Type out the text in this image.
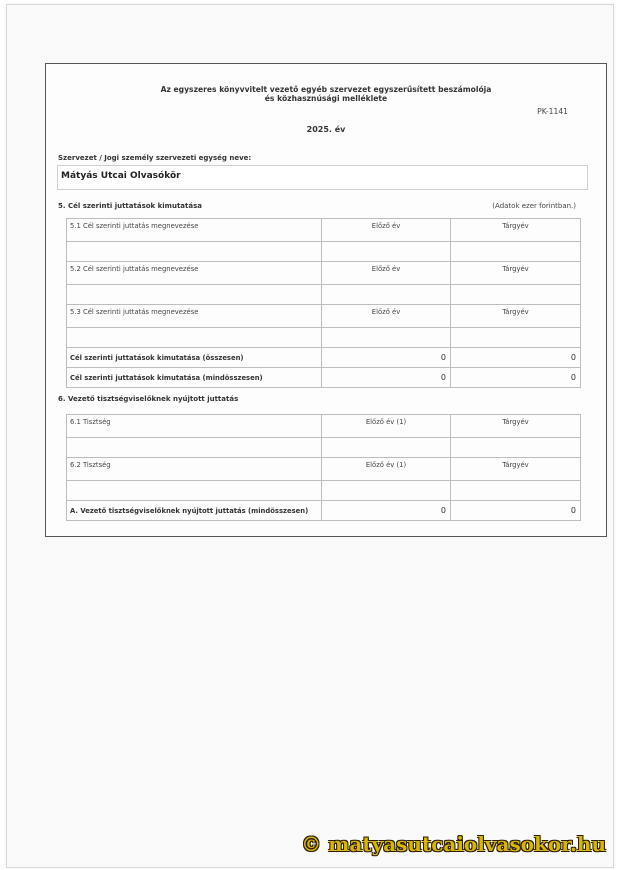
Az egyszeres könyvvitelt vezető egyéb szervezet egyszerűsített beszámolója
és közhasznúsági melléklete
PK-1141
2025. év
Szervezet / Jogi személy szervezeti egység neve:
Mátyás Utcai Olvasókör
5. Cél szerinti juttatások kimutatása	(Adatok ezer forintban.)
5.1 Cél szerinti juttatás megnevezése	Előző év	Tárgyév

5.2 Cél szerinti juttatás megnevezése	Előző év	Tárgyév

5.3 Cél szerinti juttatás megnevezése	Előző év	Tárgyév

Cél szerinti juttatások kimutatása (összesen)	0	0
Cél szerinti juttatások kimutatása (mindösszesen)	0	0
6. Vezető tisztségviselőknek nyújtott juttatás
6.1 Tisztség	Előző év (1)	Tárgyév

6.2 Tisztség	Előző év (1)	Tárgyév

A. Vezető tisztségviselőknek nyújtott juttatás (mindösszesen)	0	0
© matyasutcaiolvasokor.hu
